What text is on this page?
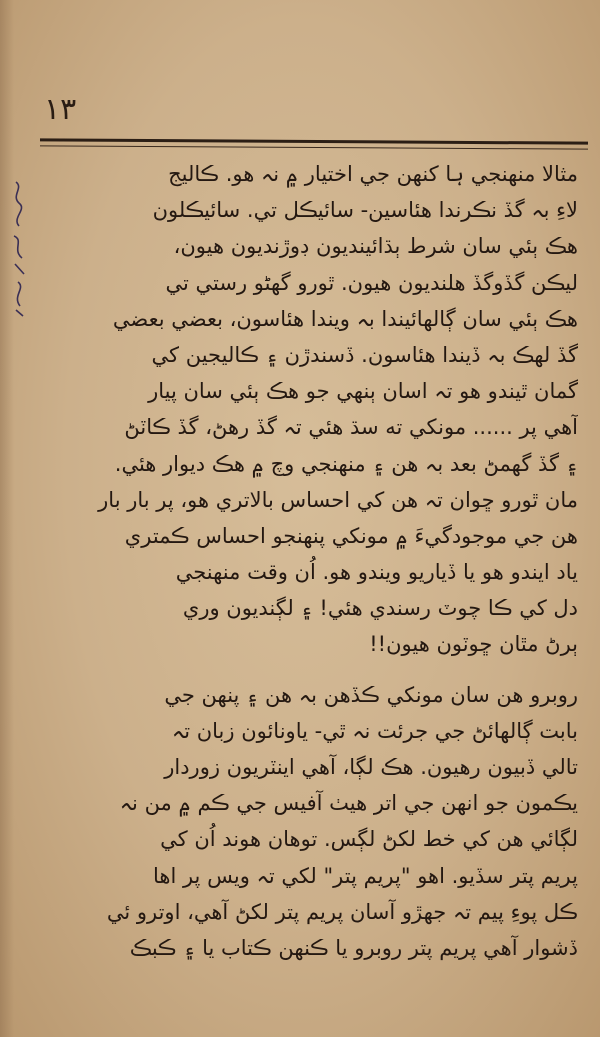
۱۳
مثالا منهنجي ہا کنهن جي اختيار ۾ نہ هو. ڪاليج
لاءِ بہ گڏ نڪرندا هئاسين- سائيڪل تي. سائيڪلون
هڪ ٻئي سان شرط ٻڌائينديون ڊوڙنديون هيون،
ليڪن گڏوگڏ هلنديون هيون. ٿورو گهڻو رستي تي
هڪ ٻئي سان ڳالهائيندا بہ ويندا هئاسون، بعضي بعضي
گڏ لهڪ بہ ڏيندا هئاسون. ڏسندڙن ۽ ڪاليجين کي
گمان ٿيندو هو تہ اسان ٻنهي جو هڪ ٻئي سان پيار
آهي پر ...... مونکي ته سڌ هئي تہ گڏ رهڻ، گڏ ڪاٽڻ
۽ گڏ گهمڻ بعد بہ هن ۽ منهنجي وچ ۾ هڪ ديوار هئي.
مان ٿورو ڇوان تہ هن کي احساس بالاتري هو، پر بار بار
هن جي موجودگيءَ ۾ مونکي پنهنجو احساس ڪمتري
ياد ايندو هو يا ڏياريو ويندو هو. اُن وقت منهنجي
دل کي ڪا چوٽ رسندي هئي! ۽ لڳنديون وري
ٻرڻ مٿان ڇوٽون هيون!!
روبرو هن سان مونکي ڪڏهن بہ هن ۽ پنهن جي
بابت ڳالهائڻ جي جرئت نہ ٿي- ياونائون زبان تہ
تالي ڏبيون رهيون. هڪ لڳا، آهي اينٽريون زوردار
يڪمون جو انهن جي اتر هيٺ آفيس جي ڪم ۾ من نہ
لڳائي هن کي خط لکڻ لڳس. توهان هوند اُن کي
پريم پتر سڏيو. اهو "پريم پتر" لکي تہ ويس پر اها
ڪل پوءِ پيم تہ جهڙو آسان پريم پتر لکڻ آهي، اوترو ئي
ڏشوار آهي پريم پتر روبرو يا ڪنهن ڪتاب يا ۽ ڪبڪ
